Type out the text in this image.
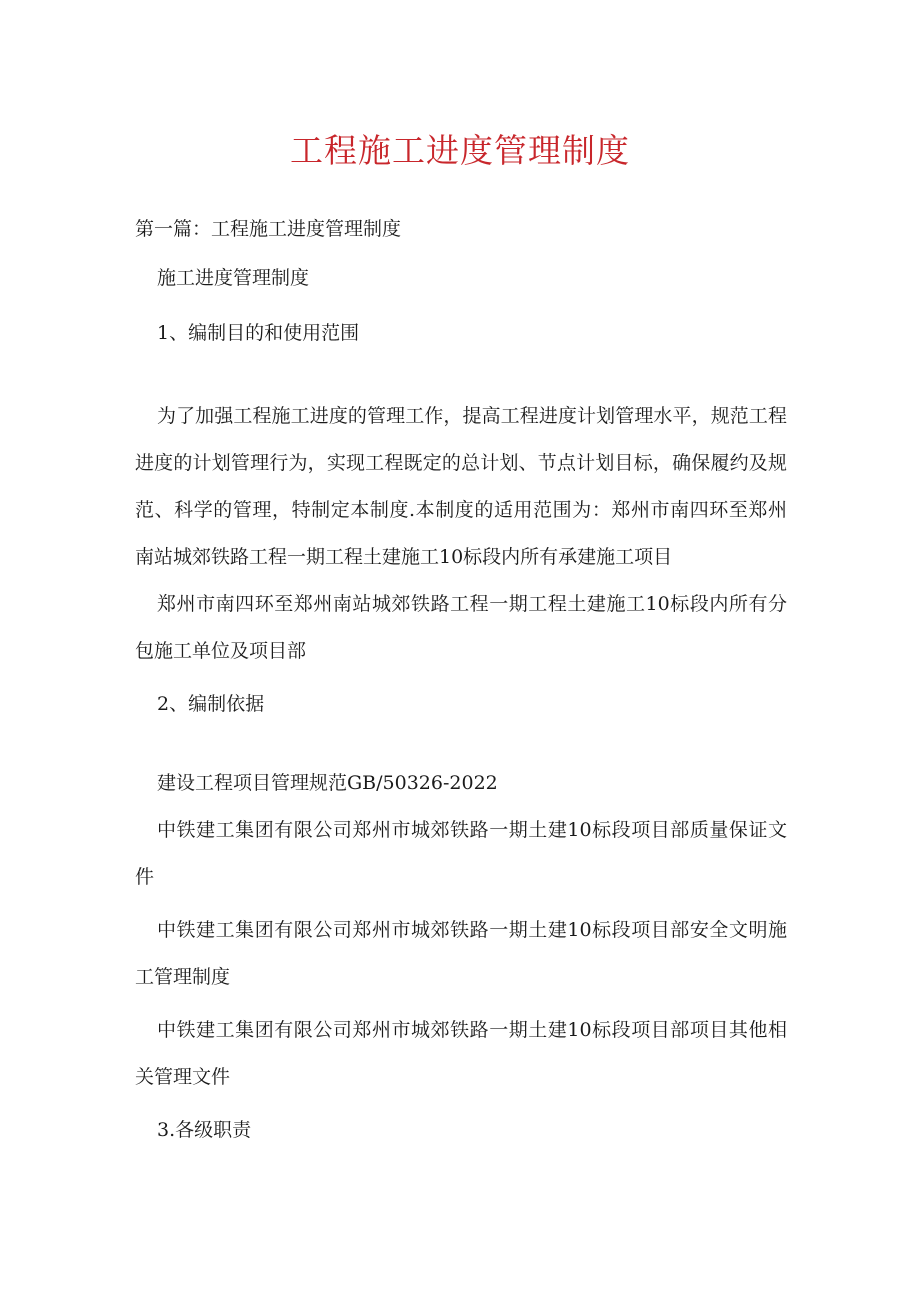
工程施工进度管理制度

第一篇：工程施工进度管理制度

施工进度管理制度

1、编制目的和使用范围

为了加强工程施工进度的管理工作，提高工程进度计划管理水平，规范工程进度的计划管理行为，实现工程既定的总计划、节点计划目标，确保履约及规范、科学的管理，特制定本制度.本制度的适用范围为：郑州市南四环至郑州南站城郊铁路工程一期工程土建施工10标段内所有承建施工项目

郑州市南四环至郑州南站城郊铁路工程一期工程土建施工10标段内所有分包施工单位及项目部

2、编制依据

建设工程项目管理规范GB/50326-2022

中铁建工集团有限公司郑州市城郊铁路一期土建10标段项目部质量保证文件

中铁建工集团有限公司郑州市城郊铁路一期土建10标段项目部安全文明施工管理制度

中铁建工集团有限公司郑州市城郊铁路一期土建10标段项目部项目其他相关管理文件

3.各级职责
